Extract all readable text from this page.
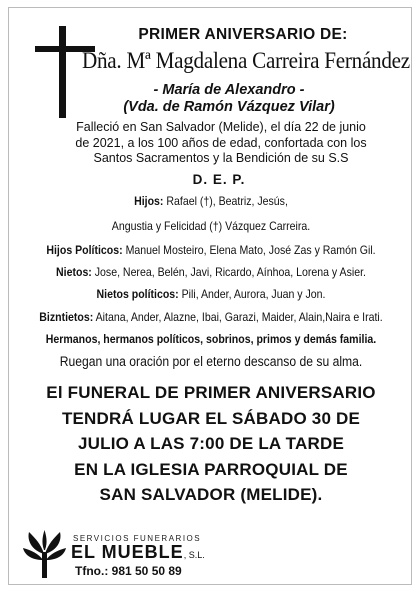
PRIMER ANIVERSARIO DE:
Dña. Mª Magdalena Carreira Fernández
- María de Alexandro -
(Vda. de Ramón Vázquez Vilar)
Falleció en San Salvador (Melide), el día 22 de junio
de 2021, a los 100 años de edad, confortada con los
Santos Sacramentos y la Bendición de su S.S
D. E. P.
Hijos: Rafael (†), Beatriz, Jesús,
Angustia y Felicidad (†) Vázquez Carreira.
Hijos Políticos: Manuel Mosteiro, Elena Mato, José Zas y Ramón Gil.
Nietos: Jose, Nerea, Belén, Javi, Ricardo, Aínhoa, Lorena y Asier.
Nietos políticos: Pili, Ander, Aurora, Juan y Jon.
Bizntietos: Aitana, Ander, Alazne, Ibai, Garazi, Maider, Alain,Naira e Irati.
Hermanos, hermanos políticos, sobrinos, primos y demás familia.
Ruegan una oración por el eterno descanso de su alma.
El FUNERAL DE PRIMER ANIVERSARIO
TENDRÁ LUGAR EL SÁBADO 30 DE
JULIO A LAS 7:00 DE LA TARDE
EN LA IGLESIA PARROQUIAL DE
SAN SALVADOR (MELIDE).
SERVICIOS FUNERARIOS
EL MUEBLE, S.L.
Tfno.: 981 50 50 89
